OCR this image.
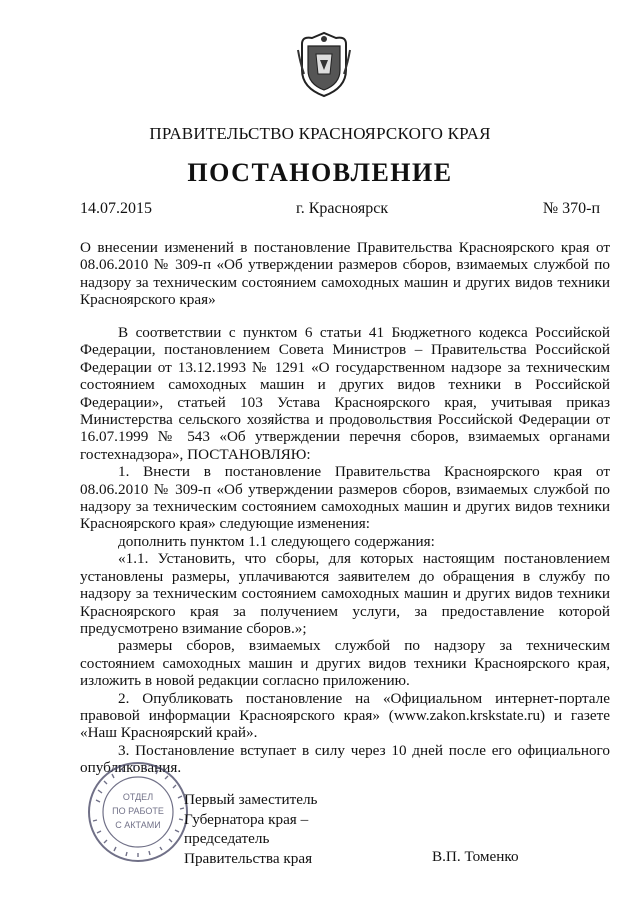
ПРАВИТЕЛЬСТВО КРАСНОЯРСКОГО КРАЯ
ПОСТАНОВЛЕНИЕ
14.07.2015	г. Красноярск	№ 370-п

О внесении изменений в постановление Правительства Красноярского края от 08.06.2010 № 309-п «Об утверждении размеров сборов, взимаемых службой по надзору за техническим состоянием самоходных машин и других видов техники Красноярского края»

В соответствии с пунктом 6 статьи 41 Бюджетного кодекса Российской Федерации, постановлением Совета Министров – Правительства Российской Федерации от 13.12.1993 № 1291 «О государственном надзоре за техническим состоянием самоходных машин и других видов техники в Российской Федерации», статьей 103 Устава Красноярского края, учитывая приказ Министерства сельского хозяйства и продовольствия Российской Федерации от 16.07.1999 № 543 «Об утверждении перечня сборов, взимаемых органами гостехнадзора», ПОСТАНОВЛЯЮ:

1. Внести в постановление Правительства Красноярского края от 08.06.2010 № 309-п «Об утверждении размеров сборов, взимаемых службой по надзору за техническим состоянием самоходных машин и других видов техники Красноярского края» следующие изменения:

дополнить пунктом 1.1 следующего содержания:

«1.1. Установить, что сборы, для которых настоящим постановлением установлены размеры, уплачиваются заявителем до обращения в службу по надзору за техническим состоянием самоходных машин и других видов техники Красноярского края за получением услуги, за предоставление которой предусмотрено взимание сборов.»;

размеры сборов, взимаемых службой по надзору за техническим состоянием самоходных машин и других видов техники Красноярского края, изложить в новой редакции согласно приложению.

2. Опубликовать постановление на «Официальном интернет-портале правовой информации Красноярского края» (www.zakon.krskstate.ru) и газете «Наш Красноярский край».

3. Постановление вступает в силу через 10 дней после его официального опубликования.

ОТДЕЛ
ПО РАБОТЕ
С АКТАМИ
Первый заместитель
Губернатора края –
председатель
Правительства края	В.П. Томенко
